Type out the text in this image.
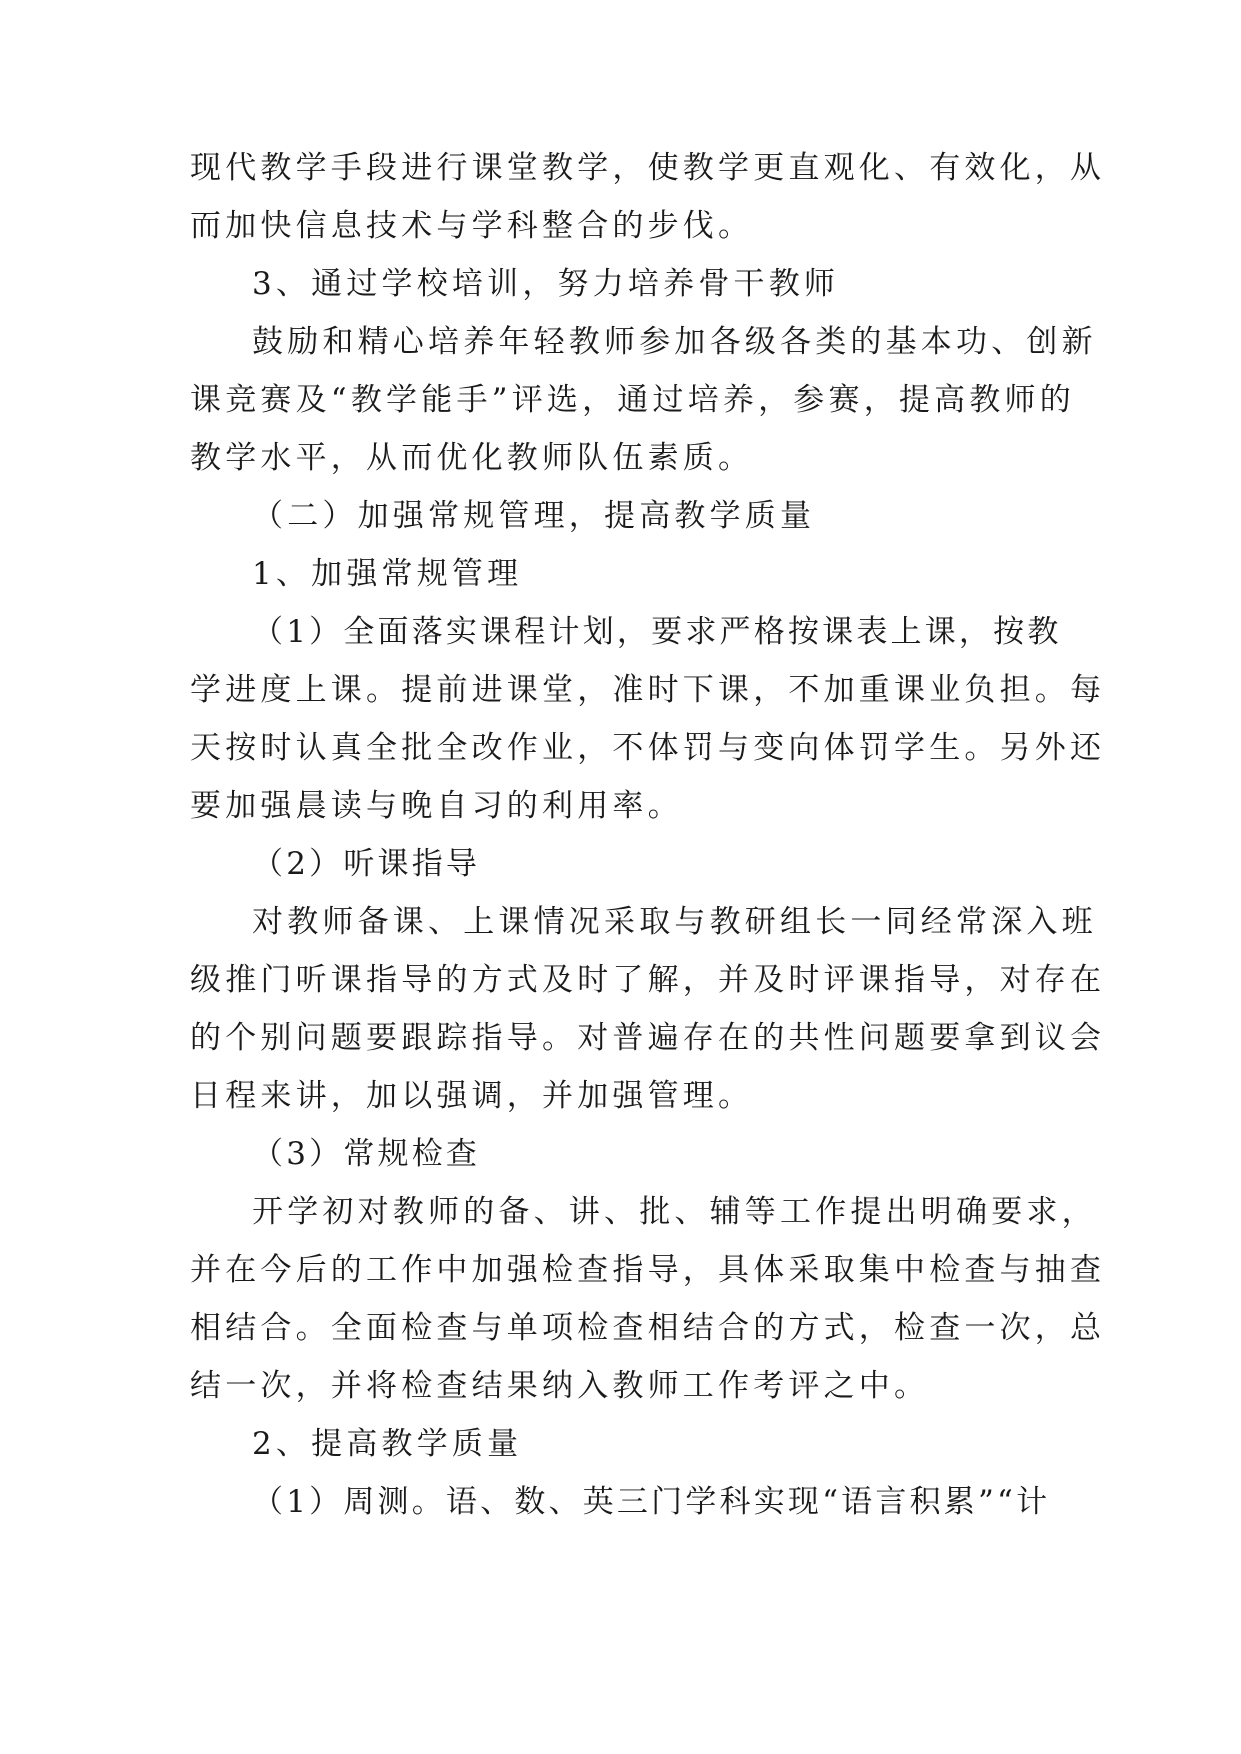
现代教学手段进行课堂教学，使教学更直观化、有效化，从
而加快信息技术与学科整合的步伐。
3、通过学校培训，努力培养骨干教师
鼓励和精心培养年轻教师参加各级各类的基本功、创新
课竞赛及“教学能手”评选，通过培养，参赛，提高教师的
教学水平，从而优化教师队伍素质。
（二）加强常规管理，提高教学质量
1、加强常规管理
（1）全面落实课程计划，要求严格按课表上课，按教
学进度上课。提前进课堂，准时下课，不加重课业负担。每
天按时认真全批全改作业，不体罚与变向体罚学生。另外还
要加强晨读与晚自习的利用率。
（2）听课指导
对教师备课、上课情况采取与教研组长一同经常深入班
级推门听课指导的方式及时了解，并及时评课指导，对存在
的个别问题要跟踪指导。对普遍存在的共性问题要拿到议会
日程来讲，加以强调，并加强管理。
（3）常规检查
开学初对教师的备、讲、批、辅等工作提出明确要求，
并在今后的工作中加强检查指导，具体采取集中检查与抽查
相结合。全面检查与单项检查相结合的方式，检查一次，总
结一次，并将检查结果纳入教师工作考评之中。
2、提高教学质量
（1）周测。语、数、英三门学科实现“语言积累”“计
